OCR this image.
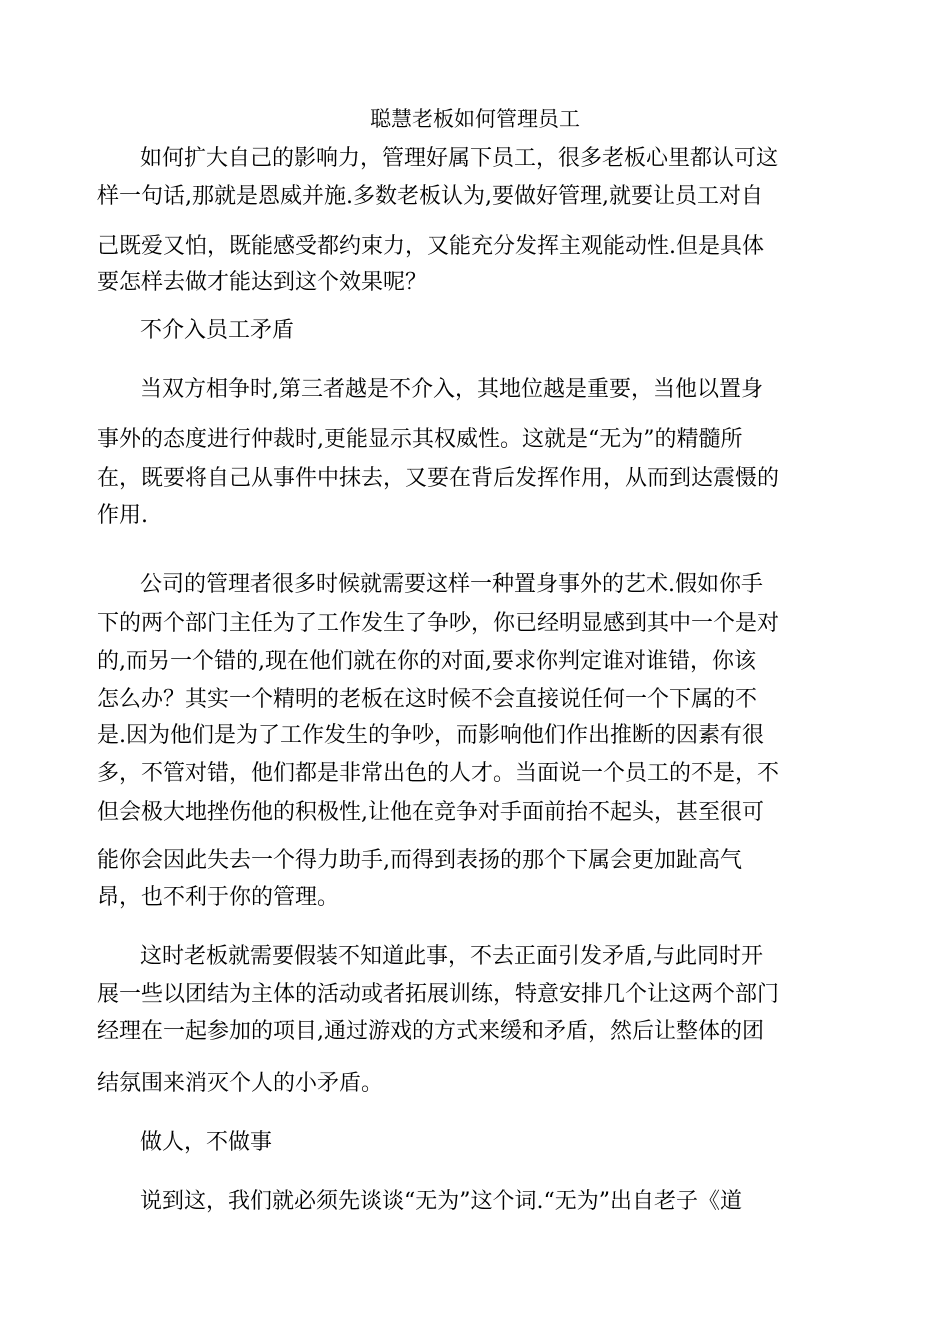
聪慧老板如何管理员工
如何扩大自己的影响力，管理好属下员工，很多老板心里都认可这
样一句话,那就是恩威并施.多数老板认为,要做好管理,就要让员工对自
己既爱又怕，既能感受都约束力，又能充分发挥主观能动性.但是具体
要怎样去做才能达到这个效果呢？
不介入员工矛盾
当双方相争时,第三者越是不介入，其地位越是重要，当他以置身
事外的态度进行仲裁时,更能显示其权威性。这就是“无为”的精髓所
在，既要将自己从事件中抹去，又要在背后发挥作用，从而到达震慑的
作用.
公司的管理者很多时候就需要这样一种置身事外的艺术.假如你手
下的两个部门主任为了工作发生了争吵，你已经明显感到其中一个是对
的,而另一个错的,现在他们就在你的对面,要求你判定谁对谁错，你该
怎么办？其实一个精明的老板在这时候不会直接说任何一个下属的不
是.因为他们是为了工作发生的争吵，而影响他们作出推断的因素有很
多，不管对错，他们都是非常出色的人才。当面说一个员工的不是，不
但会极大地挫伤他的积极性,让他在竞争对手面前抬不起头，甚至很可
能你会因此失去一个得力助手,而得到表扬的那个下属会更加趾高气
昂，也不利于你的管理。
这时老板就需要假装不知道此事，不去正面引发矛盾,与此同时开
展一些以团结为主体的活动或者拓展训练，特意安排几个让这两个部门
经理在一起参加的项目,通过游戏的方式来缓和矛盾，然后让整体的团
结氛围来消灭个人的小矛盾。
做人，不做事
说到这，我们就必须先谈谈“无为”这个词.“无为”出自老子《道
